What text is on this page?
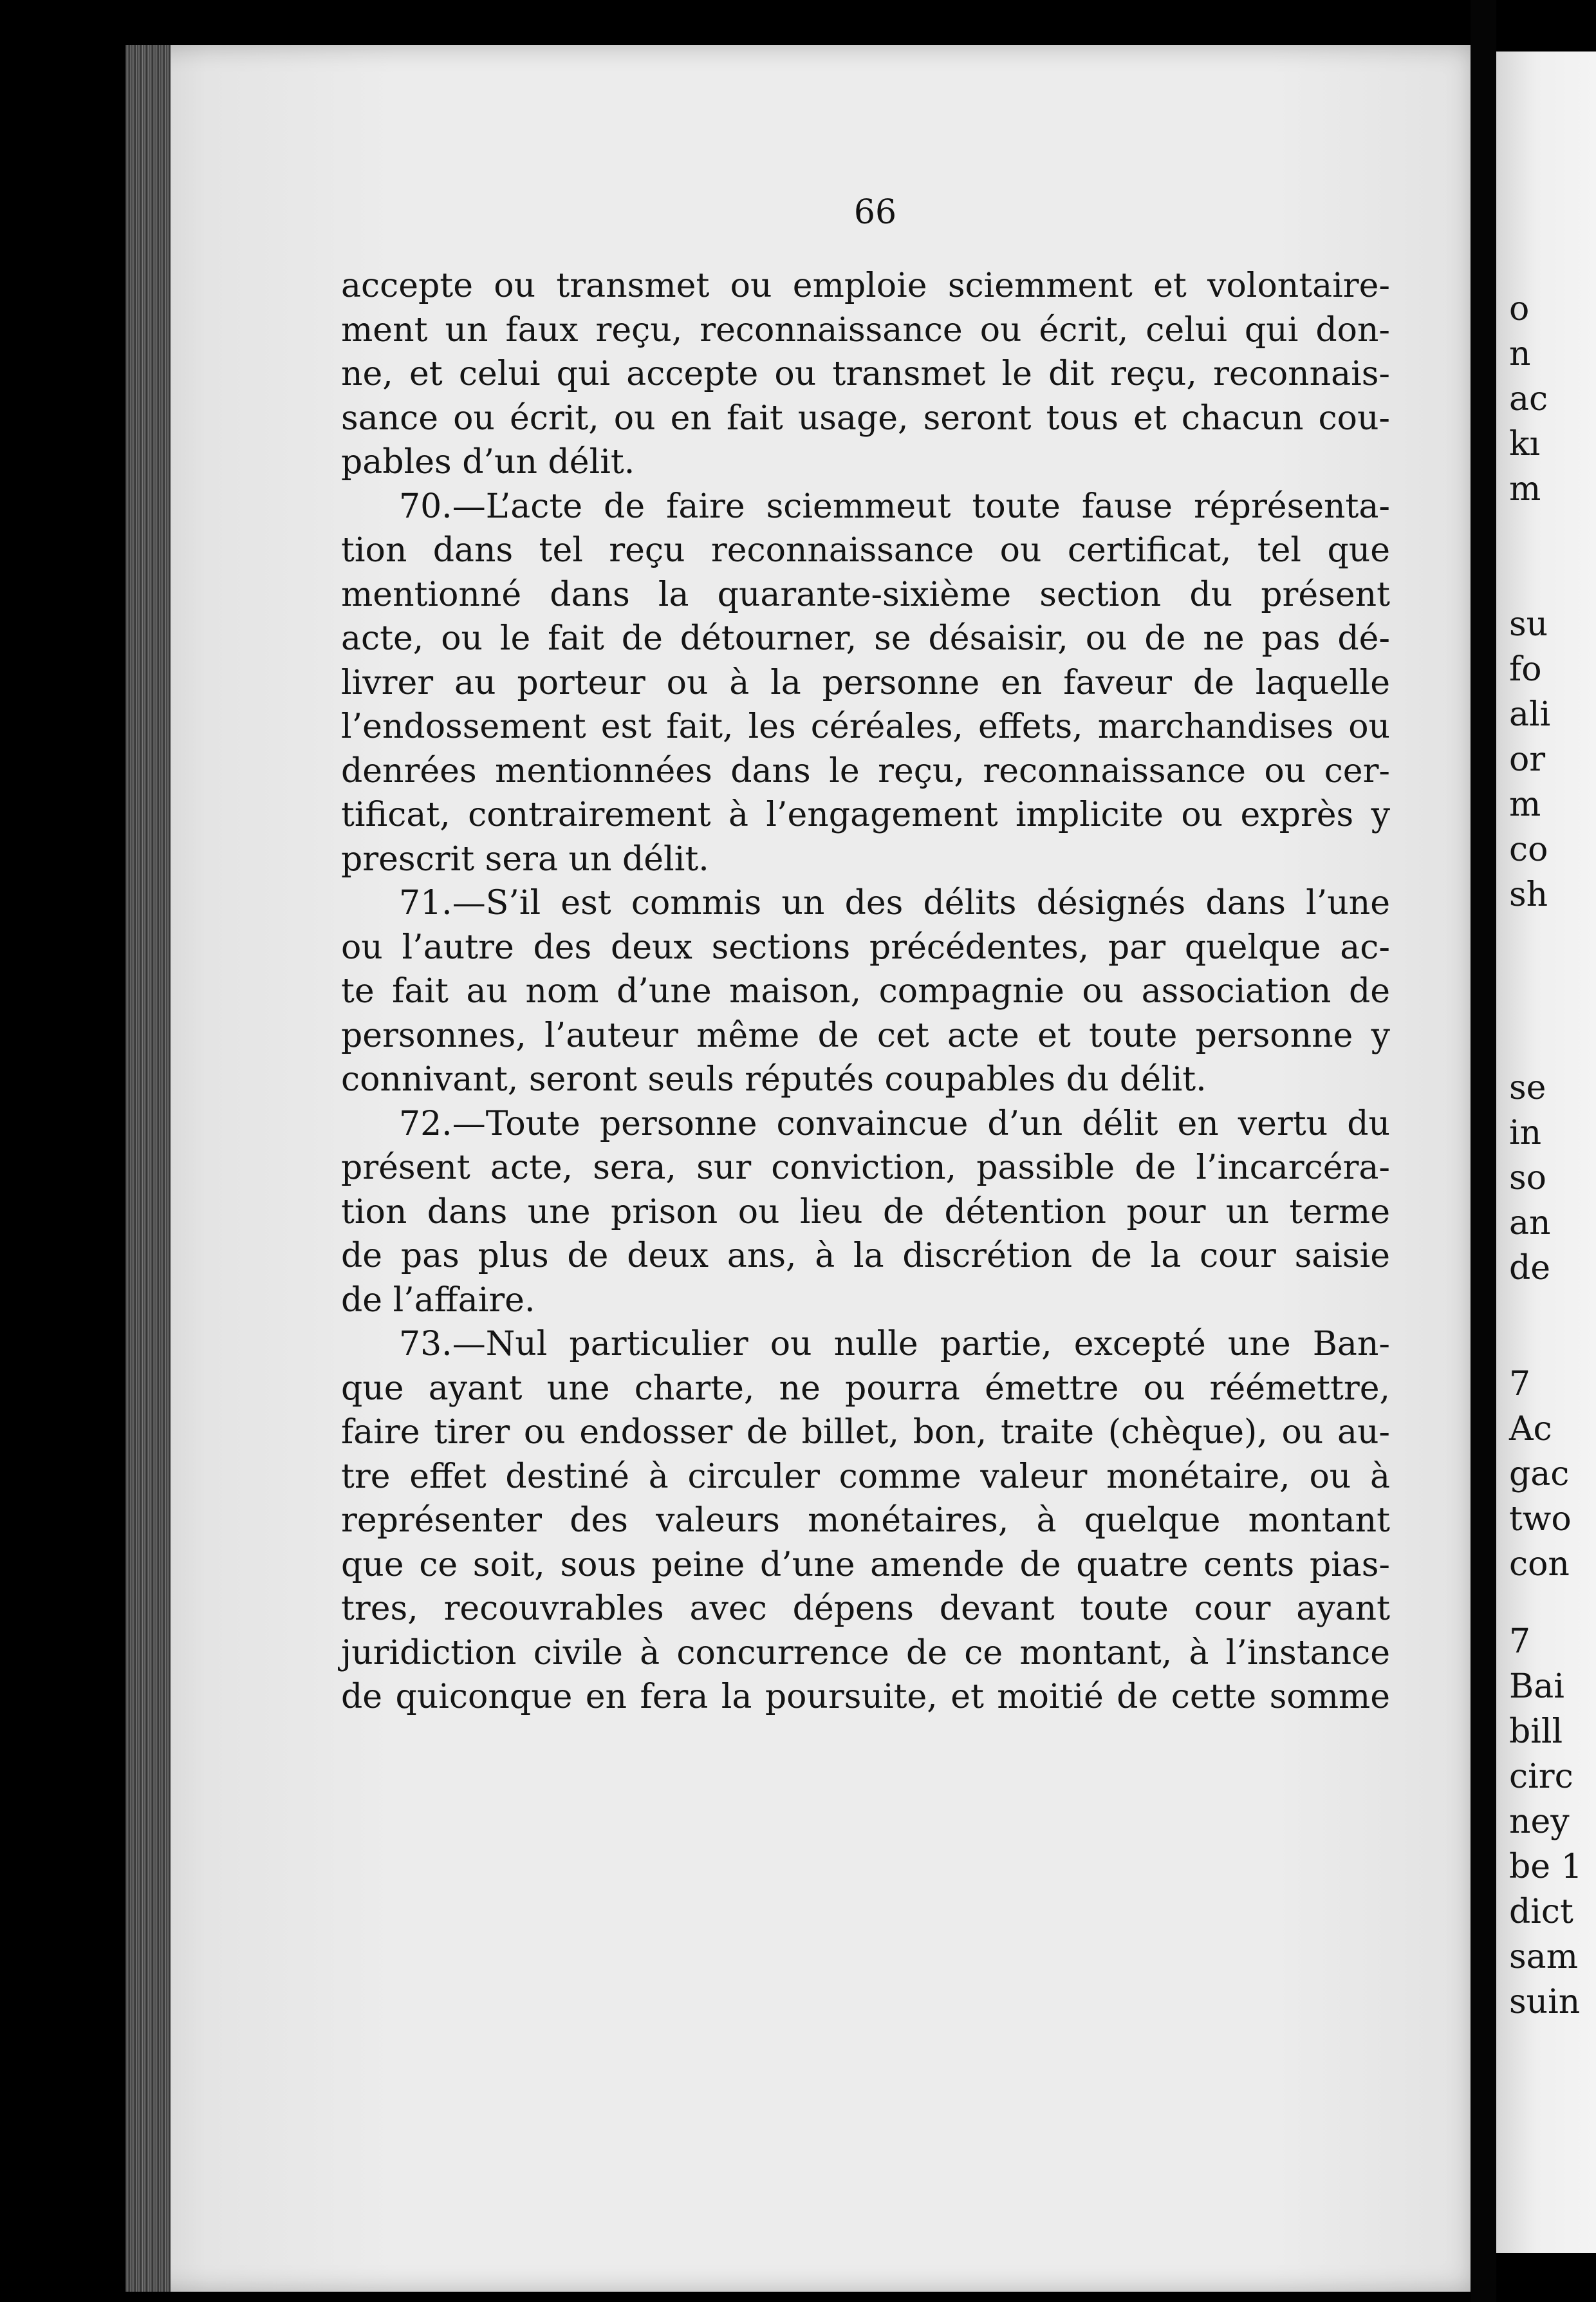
66

accepte ou transmet ou emploie sciemment et volontaire-
ment un faux reçu, reconnaissance ou écrit, celui qui don-
ne, et celui qui accepte ou transmet le dit reçu, reconnais-
sance ou écrit, ou en fait usage, seront tous et chacun cou-
pables d’un délit.

70.—L’acte de faire sciemmeut toute fause réprésenta-
tion dans tel reçu reconnaissance ou certificat, tel que
mentionné dans la quarante-sixième section du présent
acte, ou le fait de détourner, se désaisir, ou de ne pas dé-
livrer au porteur ou à la personne en faveur de laquelle
l’endossement est fait, les céréales, effets, marchandises ou
denrées mentionnées dans le reçu, reconnaissance ou cer-
tificat, contrairement à l’engagement implicite ou exprès y
prescrit sera un délit.

71.—S’il est commis un des délits désignés dans l’une
ou l’autre des deux sections précédentes, par quelque ac-
te fait au nom d’une maison, compagnie ou association de
personnes, l’auteur même de cet acte et toute personne y
connivant, seront seuls réputés coupables du délit.

72.—Toute personne convaincue d’un délit en vertu du
présent acte, sera, sur conviction, passible de l’incarcéra-
tion dans une prison ou lieu de détention pour un terme
de pas plus de deux ans, à la discrétion de la cour saisie
de l’affaire.

73.—Nul particulier ou nulle partie, excepté une Ban-
que ayant une charte, ne pourra émettre ou réémettre,
faire tirer ou endosser de billet, bon, traite (chèque), ou au-
tre effet destiné à circuler comme valeur monétaire, ou à
représenter des valeurs monétaires, à quelque montant
que ce soit, sous peine d’une amende de quatre cents pias-
tres, recouvrables avec dépens devant toute cour ayant
juridiction civile à concurrence de ce montant, à l’instance
de quiconque en fera la poursuite, et moitié de cette somme

o
n
ac
kı
m
su
fo
ali
or
m
co
sh
se
in
so
an
de
7
Ac
gac
two
con
7
Bai
bill
circ
ney
be 1
dict
sam
suin
